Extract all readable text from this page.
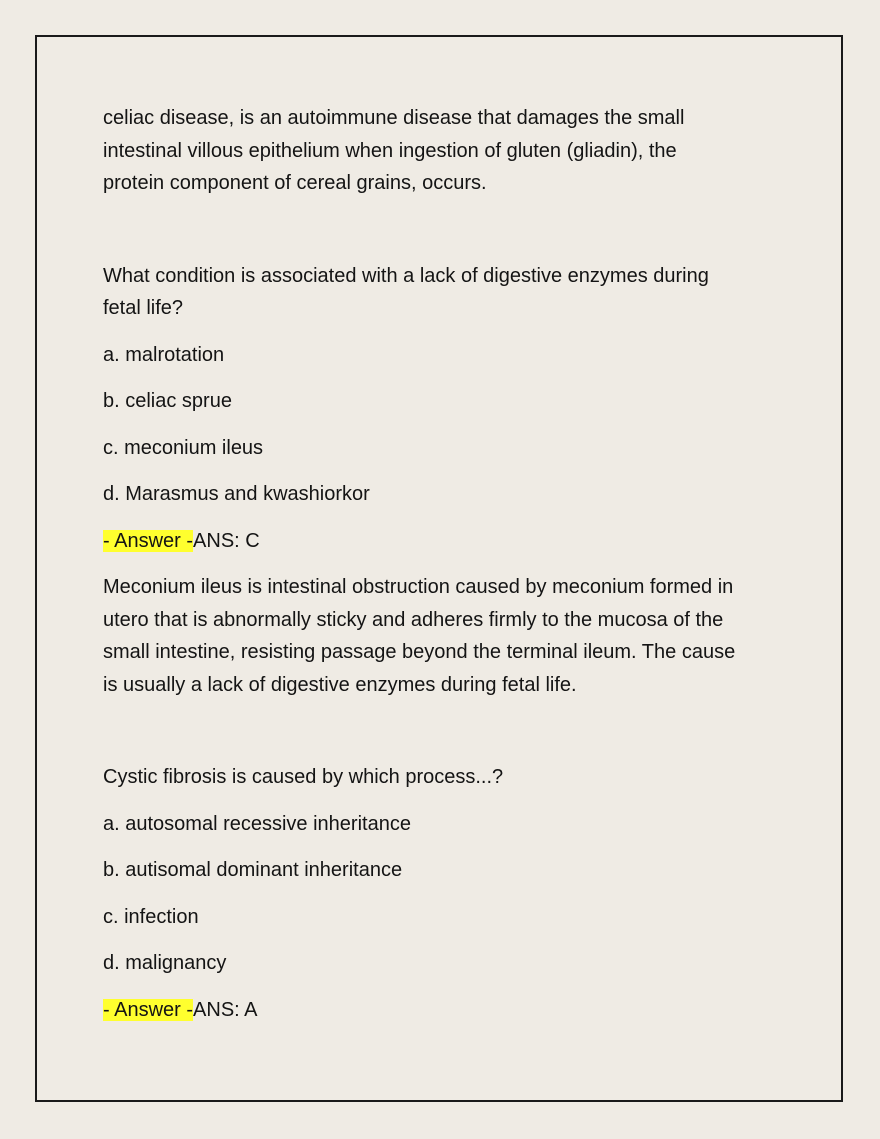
celiac disease, is an autoimmune disease that damages the small
intestinal villous epithelium when ingestion of gluten (gliadin), the
protein component of cereal grains, occurs.
What condition is associated with a lack of digestive enzymes during
fetal life?
a. malrotation
b. celiac sprue
c. meconium ileus
d. Marasmus and kwashiorkor
- Answer -ANS: C
Meconium ileus is intestinal obstruction caused by meconium formed in
utero that is abnormally sticky and adheres firmly to the mucosa of the
small intestine, resisting passage beyond the terminal ileum. The cause
is usually a lack of digestive enzymes during fetal life.
Cystic fibrosis is caused by which process...?
a. autosomal recessive inheritance
b. autisomal dominant inheritance
c. infection
d. malignancy
- Answer -ANS: A
